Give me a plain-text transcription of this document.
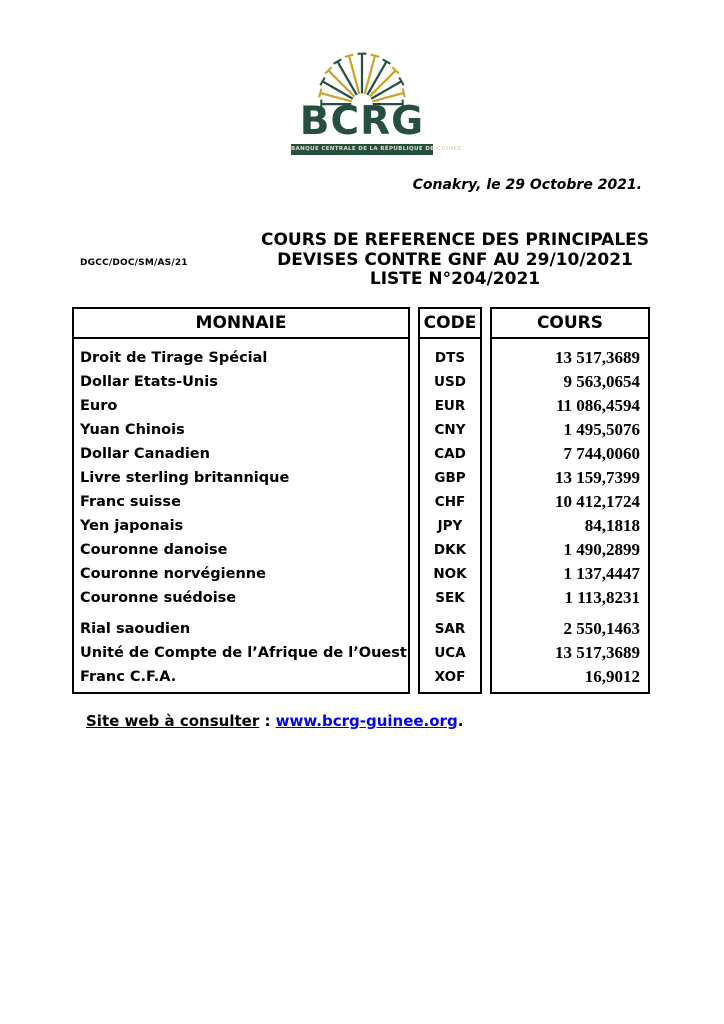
BCRG
BANQUE CENTRALE DE LA RÉPUBLIQUE DE GUINÉE
Conakry, le 29 Octobre 2021.
DGCC/DOC/SM/AS/21
COURS DE REFERENCE DES PRINCIPALES
DEVISES CONTRE GNF AU 29/10/2021
LISTE N°204/2021
MONNAIE	CODE	COURS
Droit de Tirage Spécial	DTS	13 517,3689
Dollar Etats-Unis	USD	9 563,0654
Euro	EUR	11 086,4594
Yuan Chinois	CNY	1 495,5076
Dollar Canadien	CAD	7 744,0060
Livre sterling britannique	GBP	13 159,7399
Franc suisse	CHF	10 412,1724
Yen japonais	JPY	84,1818
Couronne danoise	DKK	1 490,2899
Couronne norvégienne	NOK	1 137,4447
Couronne suédoise	SEK	1 113,8231
Rial saoudien	SAR	2 550,1463
Unité de Compte de l’Afrique de l’Ouest	UCA	13 517,3689
Franc C.F.A.	XOF	16,9012
Site web à consulter : www.bcrg-guinee.org.
